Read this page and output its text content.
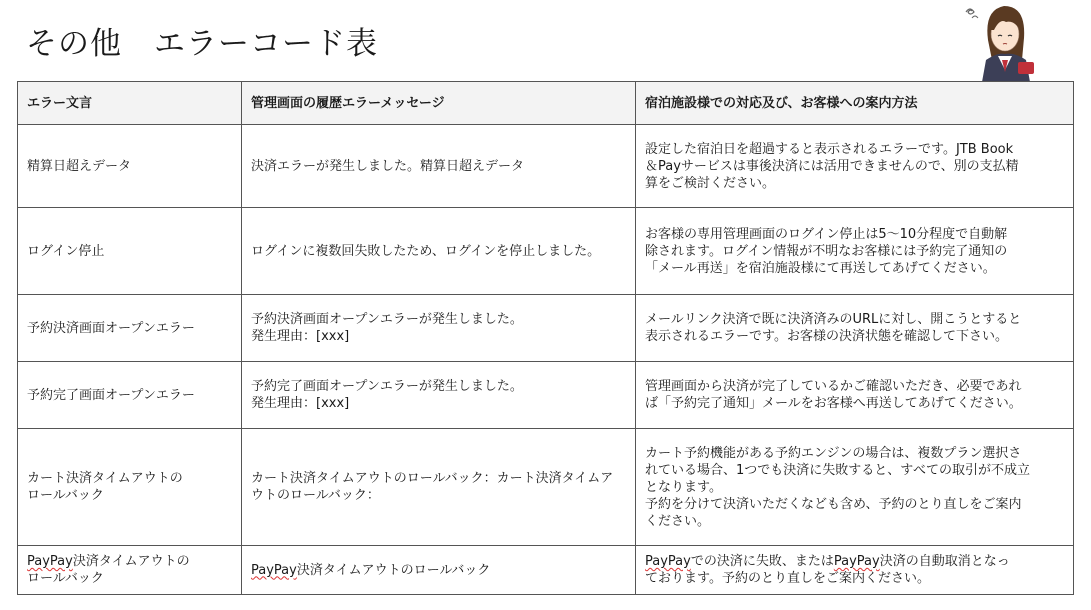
その他　エラーコード表
エラー文言	管理画面の履歴エラーメッセージ	宿泊施設様での対応及び、お客様への案内方法

精算日超えデータ	決済エラーが発生しました。精算日超えデータ	設定した宿泊日を超過すると表示されるエラーです。JTB Book
＆Payサービスは事後決済には活用できませんので、別の支払精
算をご検討ください。

ログイン停止	ログインに複数回失敗したため、ログインを停止しました。	お客様の専用管理画面のログイン停止は5～10分程度で自動解
除されます。ログイン情報が不明なお客様には予約完了通知の
「メール再送」を宿泊施設様にて再送してあげてください。

予約決済画面オープンエラー	予約決済画面オープンエラーが発生しました。
発生理由：[xxx]	メールリンク決済で既に決済済みのURLに対し、開こうとすると
表示されるエラーです。お客様の決済状態を確認して下さい。

予約完了画面オープンエラー	予約完了画面オープンエラーが発生しました。
発生理由：[xxx]	管理画面から決済が完了しているかご確認いただき、必要であれ
ば「予約完了通知」メールをお客様へ再送してあげてください。

カート決済タイムアウトの
ロールバック	カート決済タイムアウトのロールバック：カート決済タイムア
ウトのロールバック：	カート予約機能がある予約エンジンの場合は、複数プラン選択さ
れている場合、1つでも決済に失敗すると、すべての取引が不成立
となります。
予約を分けて決済いただくなども含め、予約のとり直しをご案内
ください。

PayPay決済タイムアウトの
ロールバック	PayPay決済タイムアウトのロールバック	PayPayでの決済に失敗、またはPayPay決済の自動取消となっ
ております。予約のとり直しをご案内ください。
